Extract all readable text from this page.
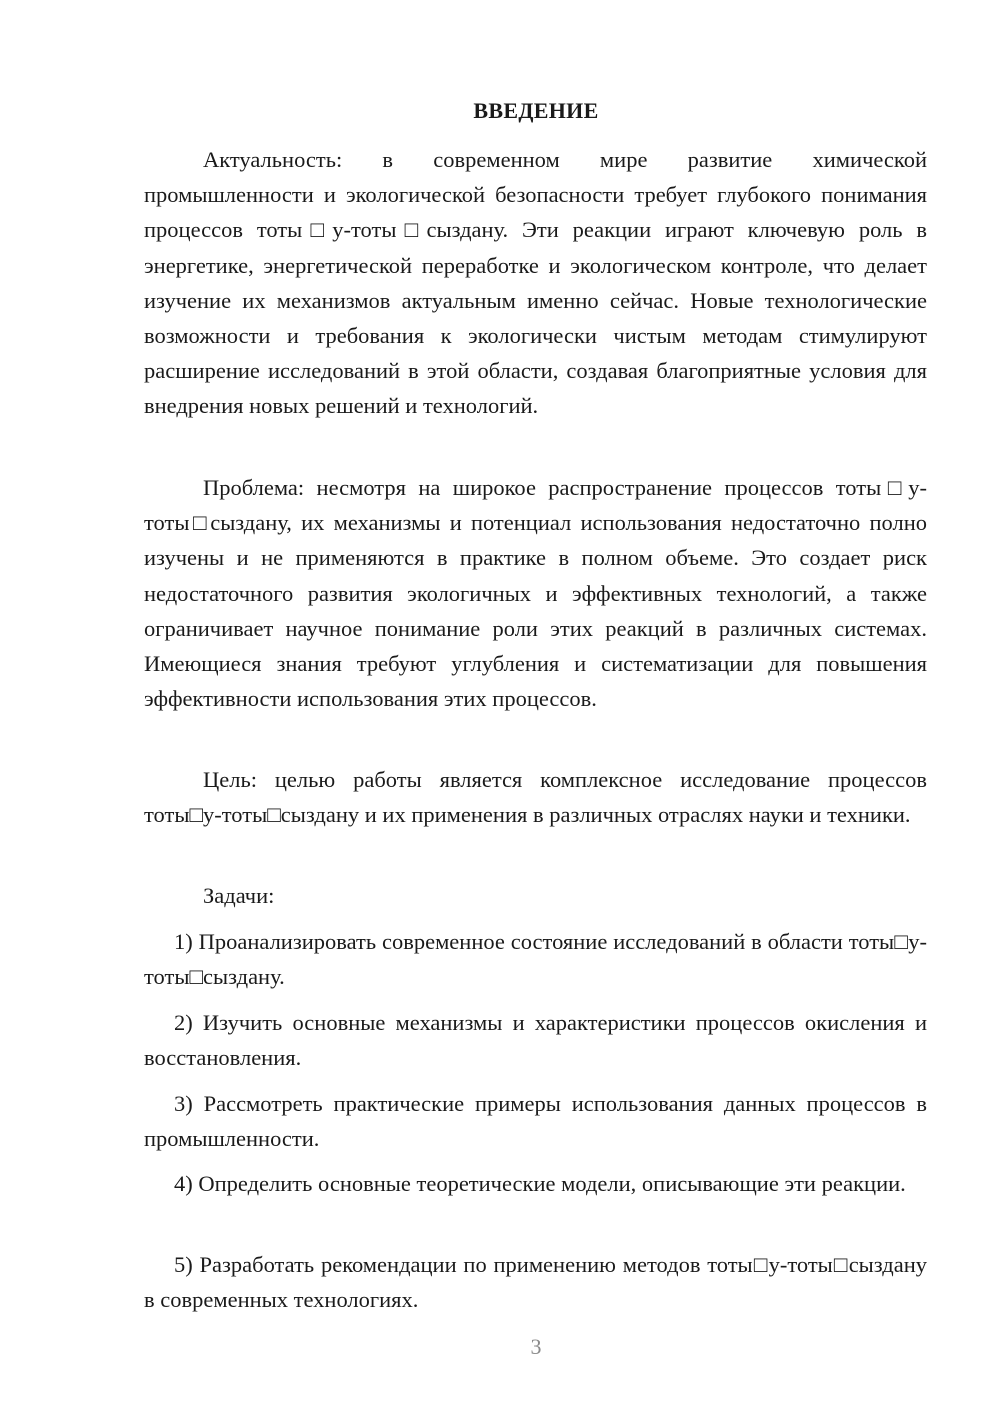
ВВЕДЕНИЕ

Актуальность: в современном мире развитие химической промышленности и экологической безопасности требует глубокого понимания процессов тоты□у-тоты□сыздану. Эти реакции играют ключевую роль в энергетике, энергетической переработке и экологическом контроле, что делает изучение их механизмов актуальным именно сейчас. Новые технологические возможности и требования к экологически чистым методам стимулируют расширение исследований в этой области, создавая благоприятные условия для внедрения новых решений и технологий.

Проблема: несмотря на широкое распространение процессов тоты□у-тоты□сыздану, их механизмы и потенциал использования недостаточно полно изучены и не применяются в практике в полном объеме. Это создает риск недостаточного развития экологичных и эффективных технологий, а также ограничивает научное понимание роли этих реакций в различных системах. Имеющиеся знания требуют углубления и систематизации для повышения эффективности использования этих процессов.

Цель: целью работы является комплексное исследование процессов тоты□у-тоты□сыздану и их применения в различных отраслях науки и техники.

Задачи:

1) Проанализировать современное состояние исследований в области тоты□у-тоты□сыздану.

2) Изучить основные механизмы и характеристики процессов окисления и восстановления.

3) Рассмотреть практические примеры использования данных процессов в промышленности.

4) Определить основные теоретические модели, описывающие эти реакции.

5) Разработать рекомендации по применению методов тоты□у-тоты□сыздану в современных технологиях.

3
